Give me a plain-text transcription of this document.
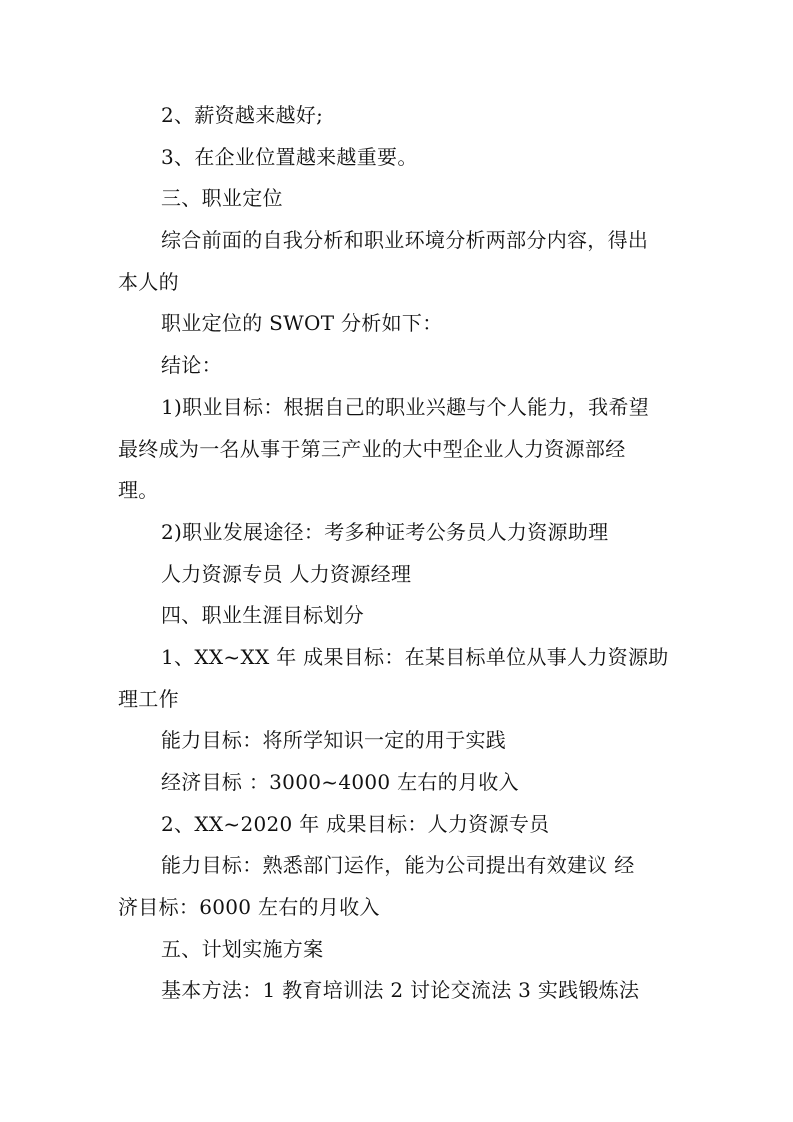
2、薪资越来越好;
3、在企业位置越来越重要。
三、职业定位
综合前面的自我分析和职业环境分析两部分内容，得出
本人的
职业定位的 SWOT 分析如下：
结论：
1)职业目标：根据自己的职业兴趣与个人能力，我希望
最终成为一名从事于第三产业的大中型企业人力资源部经
理。
2)职业发展途径：考多种证考公务员人力资源助理
人力资源专员 人力资源经理
四、职业生涯目标划分
1、XX~XX 年 成果目标：在某目标单位从事人力资源助
理工作
能力目标：将所学知识一定的用于实践
经济目标 ：3000~4000 左右的月收入
2、XX~2020 年 成果目标：人力资源专员
能力目标：熟悉部门运作，能为公司提出有效建议 经
济目标：6000 左右的月收入
五、计划实施方案
基本方法：1 教育培训法 2 讨论交流法 3 实践锻炼法
